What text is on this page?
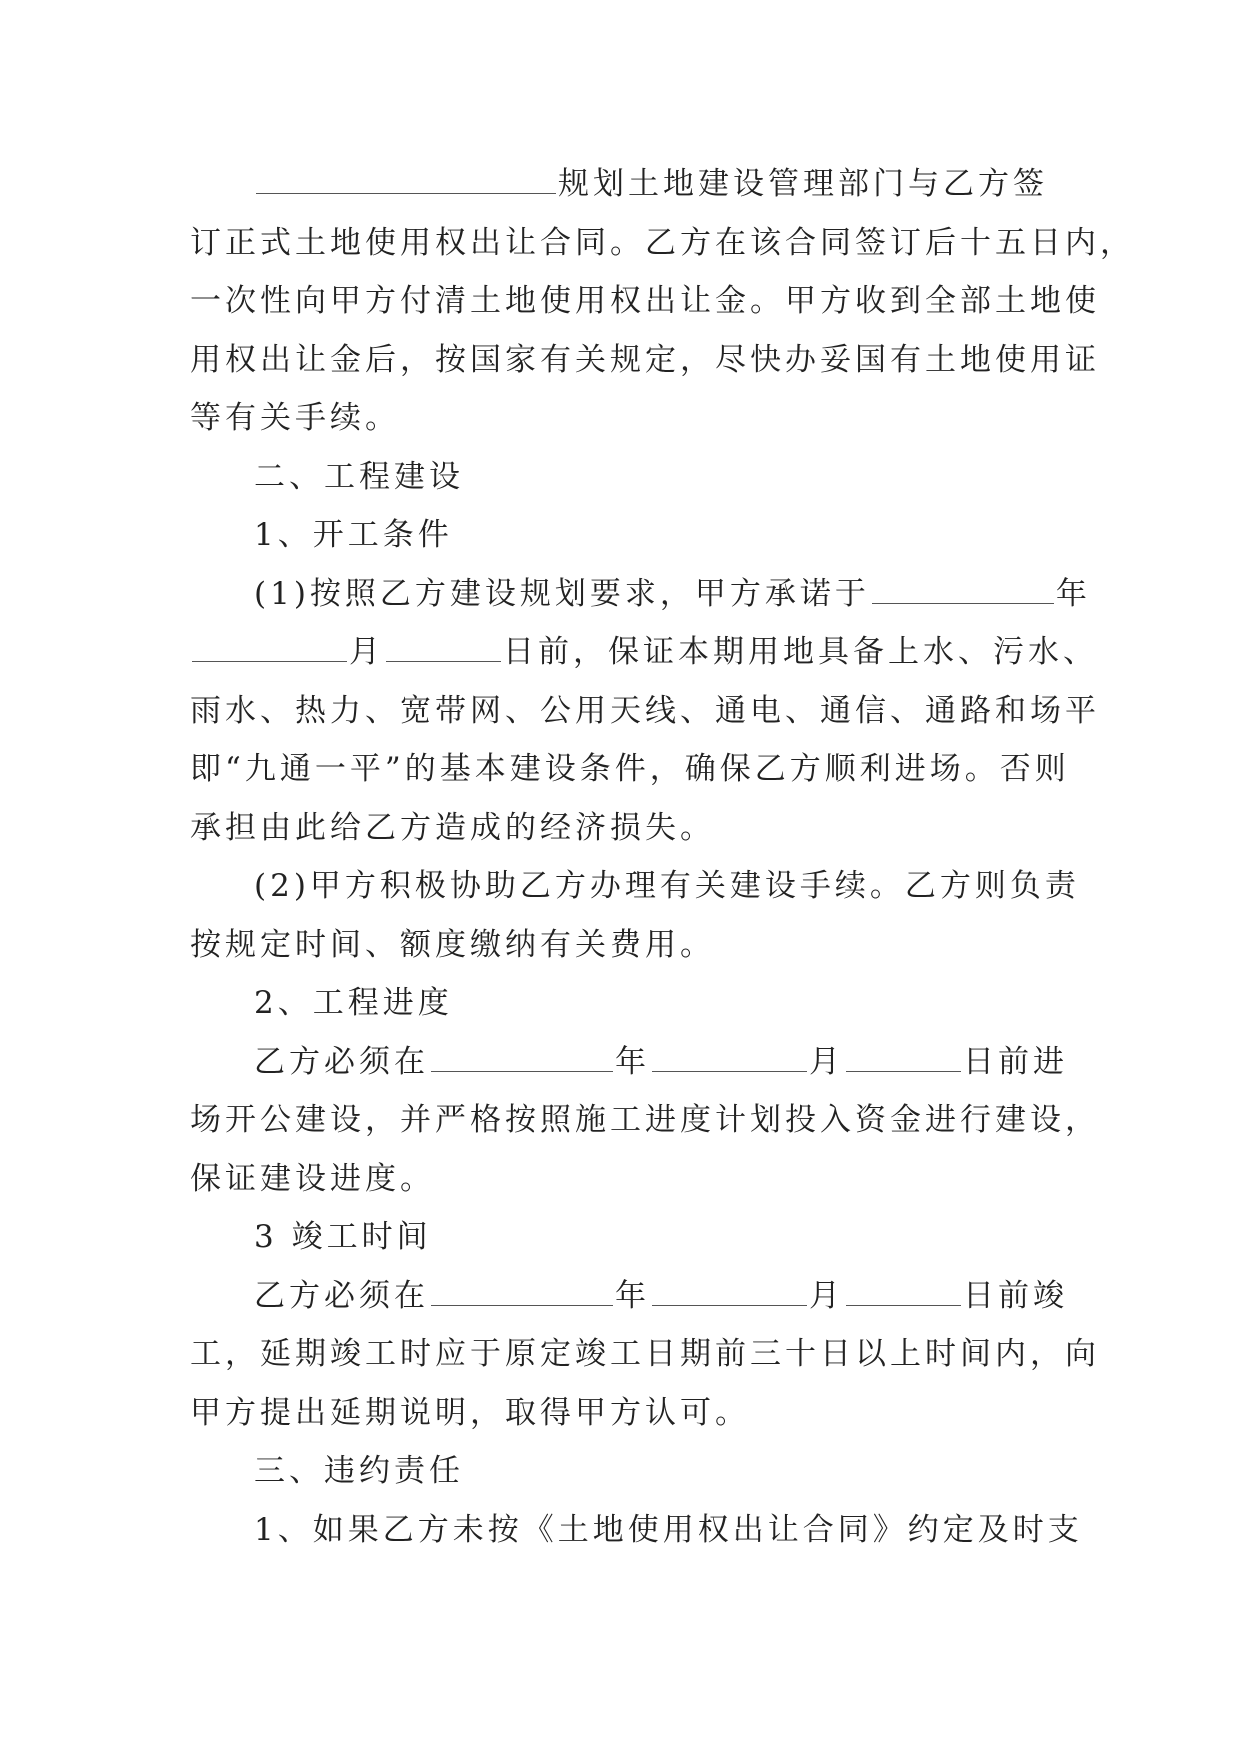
规划土地建设管理部门与乙方签
订正式土地使用权出让合同。乙方在该合同签订后十五日内，
一次性向甲方付清土地使用权出让金。甲方收到全部土地使
用权出让金后，按国家有关规定，尽快办妥国有土地使用证
等有关手续。
二、工程建设
1、开工条件
(1)按照乙方建设规划要求，甲方承诺于	年
月	日前，保证本期用地具备上水、污水、
雨水、热力、宽带网、公用天线、通电、通信、通路和场平
即“九通一平”的基本建设条件，确保乙方顺利进场。否则
承担由此给乙方造成的经济损失。
(2)甲方积极协助乙方办理有关建设手续。乙方则负责
按规定时间、额度缴纳有关费用。
2、工程进度
乙方必须在	年	月	日前进
场开公建设，并严格按照施工进度计划投入资金进行建设，
保证建设进度。
3 竣工时间
乙方必须在	年	月	日前竣
工，延期竣工时应于原定竣工日期前三十日以上时间内，向
甲方提出延期说明，取得甲方认可。
三、违约责任
1、如果乙方未按《土地使用权出让合同》约定及时支
